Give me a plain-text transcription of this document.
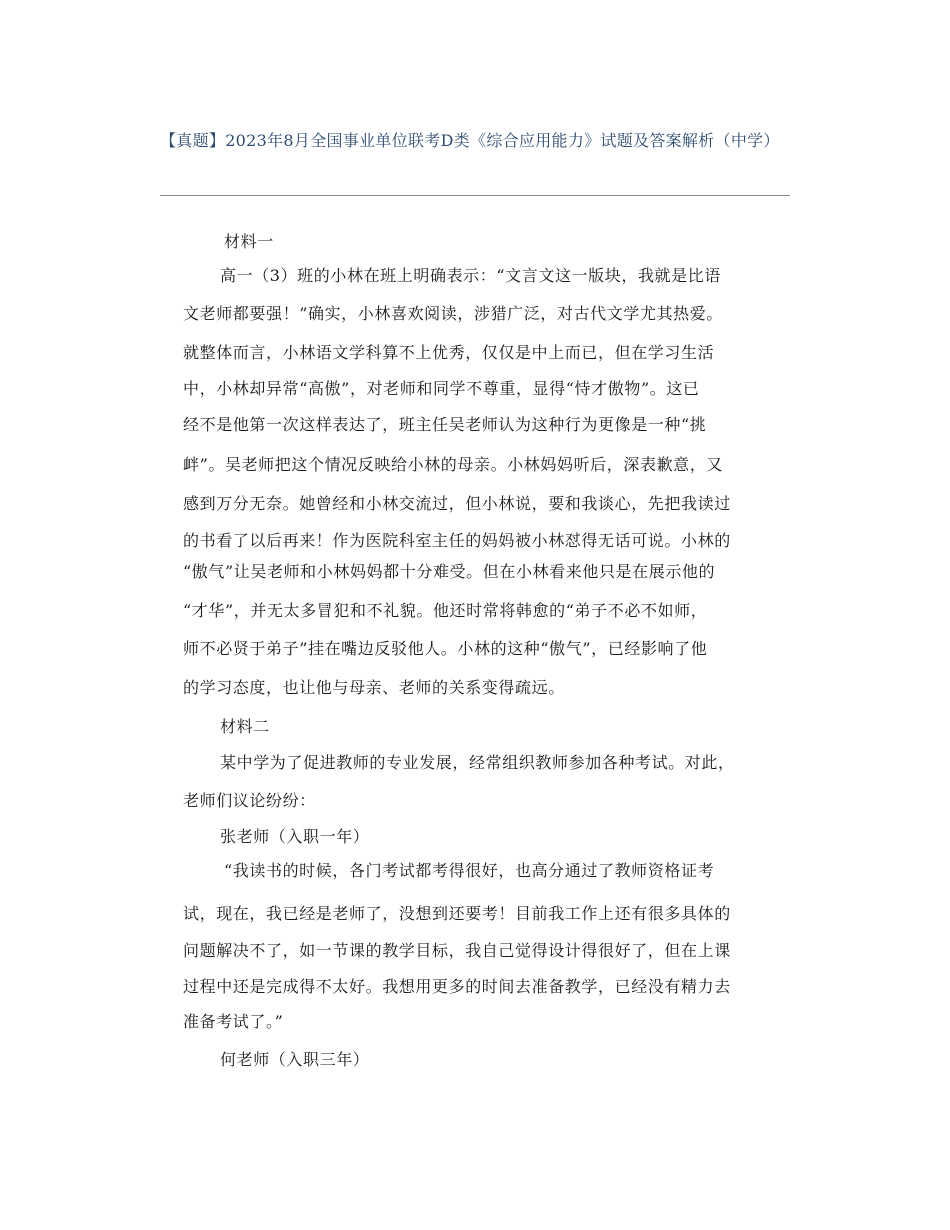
【真题】2023年8月全国事业单位联考D类《综合应用能力》试题及答案解析（中学）
材料一
高一（3）班的小林在班上明确表示：“文言文这一版块，我就是比语
文老师都要强！”确实，小林喜欢阅读，涉猎广泛，对古代文学尤其热爱。
就整体而言，小林语文学科算不上优秀，仅仅是中上而已，但在学习生活
中，小林却异常“高傲”，对老师和同学不尊重，显得“恃才傲物”。这已
经不是他第一次这样表达了，班主任吴老师认为这种行为更像是一种“挑
衅”。吴老师把这个情况反映给小林的母亲。小林妈妈听后，深表歉意，又
感到万分无奈。她曾经和小林交流过，但小林说，要和我谈心，先把我读过
的书看了以后再来！作为医院科室主任的妈妈被小林怼得无话可说。小林的
“傲气”让吴老师和小林妈妈都十分难受。但在小林看来他只是在展示他的
“才华”，并无太多冒犯和不礼貌。他还时常将韩愈的“弟子不必不如师，
师不必贤于弟子”挂在嘴边反驳他人。小林的这种“傲气”，已经影响了他
的学习态度，也让他与母亲、老师的关系变得疏远。
材料二
某中学为了促进教师的专业发展，经常组织教师参加各种考试。对此，
老师们议论纷纷：
张老师（入职一年）
“我读书的时候，各门考试都考得很好，也高分通过了教师资格证考
试，现在，我已经是老师了，没想到还要考！目前我工作上还有很多具体的
问题解决不了，如一节课的教学目标，我自己觉得设计得很好了，但在上课
过程中还是完成得不太好。我想用更多的时间去准备教学，已经没有精力去
准备考试了。”
何老师（入职三年）
